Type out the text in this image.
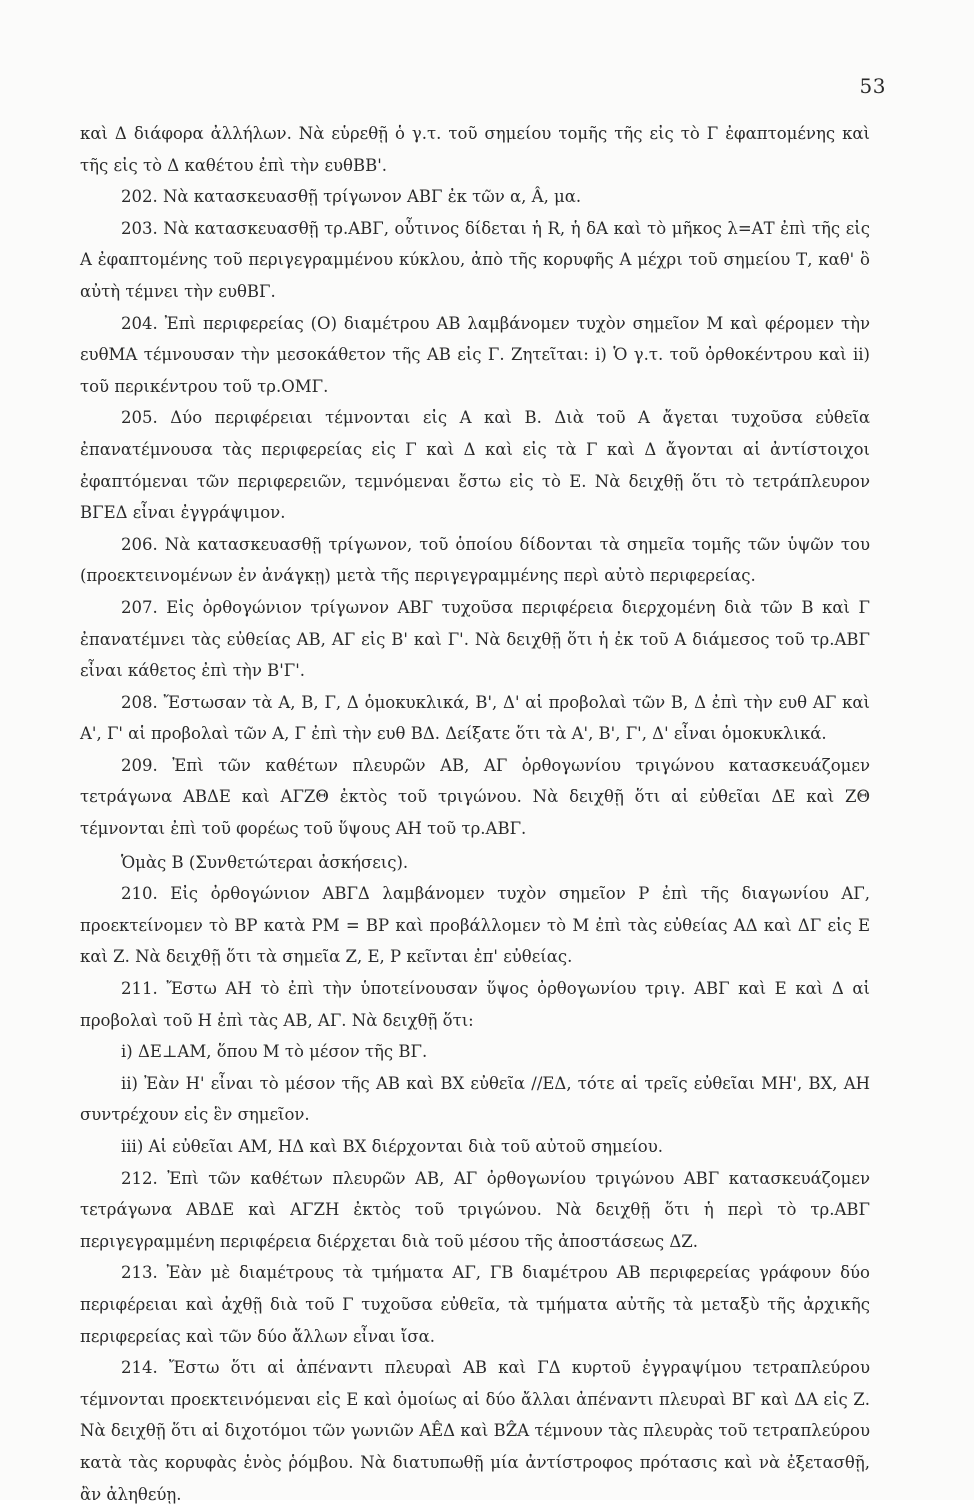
53

καὶ Δ διάφορα ἀλλήλων. Νὰ εὑρεθῇ ὁ γ.τ. τοῦ σημείου τομῆς τῆς εἰς τὸ Γ ἐφαπτομένης καὶ τῆς εἰς τὸ Δ καθέτου ἐπὶ τὴν ευθΒΒ'.

202. Νὰ κατασκευασθῇ τρίγωνον ΑΒΓ ἐκ τῶν α, Â, μα.

203. Νὰ κατασκευασθῇ τρ.ΑΒΓ, οὗτινος δίδεται ἡ R, ἡ δΑ καὶ τὸ μῆκος λ=ΑΤ ἐπὶ τῆς εἰς Α ἐφαπτομένης τοῦ περιγεγραμμένου κύκλου, ἀπὸ τῆς κορυφῆς Α μέχρι τοῦ σημείου Τ, καθ' ὃ αὐτὴ τέμνει τὴν ευθΒΓ.

204. Ἐπὶ περιφερείας (Ο) διαμέτρου ΑΒ λαμβάνομεν τυχὸν σημεῖον Μ καὶ φέρομεν τὴν ευθΜΑ τέμνουσαν τὴν μεσοκάθετον τῆς ΑΒ εἰς Γ. Ζητεῖται: i) Ὁ γ.τ. τοῦ ὀρθοκέντρου καὶ ii) τοῦ περικέντρου τοῦ τρ.ΟΜΓ.

205. Δύο περιφέρειαι τέμνονται εἰς Α καὶ Β. Διὰ τοῦ Α ἄγεται τυχοῦσα εὐθεῖα ἐπανατέμνουσα τὰς περιφερείας εἰς Γ καὶ Δ καὶ εἰς τὰ Γ καὶ Δ ἄγονται αἱ ἀντίστοιχοι ἐφαπτόμεναι τῶν περιφερειῶν, τεμνόμεναι ἔστω εἰς τὸ Ε. Νὰ δειχθῇ ὅτι τὸ τετράπλευρον ΒΓΕΔ εἶναι ἐγγράψιμον.

206. Νὰ κατασκευασθῇ τρίγωνον, τοῦ ὁποίου δίδονται τὰ σημεῖα τομῆς τῶν ὑψῶν του (προεκτεινομένων ἐν ἀνάγκῃ) μετὰ τῆς περιγεγραμμένης περὶ αὐτὸ περιφερείας.

207. Εἰς ὀρθογώνιον τρίγωνον ΑΒΓ τυχοῦσα περιφέρεια διερχομένη διὰ τῶν Β καὶ Γ ἐπανατέμνει τὰς εὐθείας ΑΒ, ΑΓ εἰς Β' καὶ Γ'. Νὰ δειχθῇ ὅτι ἡ ἐκ τοῦ Α διάμεσος τοῦ τρ.ΑΒΓ εἶναι κάθετος ἐπὶ τὴν Β'Γ'.

208. Ἔστωσαν τὰ Α, Β, Γ, Δ ὁμοκυκλικά, Β', Δ' αἱ προβολαὶ τῶν Β, Δ ἐπὶ τὴν ευθ ΑΓ καὶ Α', Γ' αἱ προβολαὶ τῶν Α, Γ ἐπὶ τὴν ευθ ΒΔ. Δείξατε ὅτι τὰ Α', Β', Γ', Δ' εἶναι ὁμοκυκλικά.

209. Ἐπὶ τῶν καθέτων πλευρῶν ΑΒ, ΑΓ ὀρθογωνίου τριγώνου κατασκευάζομεν τετράγωνα ΑΒΔΕ καὶ ΑΓΖΘ ἐκτὸς τοῦ τριγώνου. Νὰ δειχθῇ ὅτι αἱ εὐθεῖαι ΔΕ καὶ ΖΘ τέμνονται ἐπὶ τοῦ φορέως τοῦ ὕψους ΑΗ τοῦ τρ.ΑΒΓ.

Ὁμὰς Β (Συνθετώτεραι ἀσκήσεις).

210. Εἰς ὀρθογώνιον ΑΒΓΔ λαμβάνομεν τυχὸν σημεῖον Ρ ἐπὶ τῆς διαγωνίου ΑΓ, προεκτείνομεν τὸ ΒΡ κατὰ ΡΜ = ΒΡ καὶ προβάλλομεν τὸ Μ ἐπὶ τὰς εὐθείας ΑΔ καὶ ΔΓ εἰς Ε καὶ Ζ. Νὰ δειχθῇ ὅτι τὰ σημεῖα Ζ, Ε, Ρ κεῖνται ἐπ' εὐθείας.

211. Ἔστω ΑΗ τὸ ἐπὶ τὴν ὑποτείνουσαν ὕψος ὀρθογωνίου τριγ. ΑΒΓ καὶ Ε καὶ Δ αἱ προβολαὶ τοῦ Η ἐπὶ τὰς ΑΒ, ΑΓ. Νὰ δειχθῇ ὅτι:

i) ΔΕ⊥ΑΜ, ὅπου Μ τὸ μέσον τῆς ΒΓ.

ii) Ἐὰν Η' εἶναι τὸ μέσον τῆς ΑΒ καὶ ΒΧ εὐθεῖα //ΕΔ, τότε αἱ τρεῖς εὐθεῖαι ΜΗ', ΒΧ, ΑΗ συντρέχουν εἰς ἓν σημεῖον.

iii) Αἱ εὐθεῖαι ΑΜ, ΗΔ καὶ ΒΧ διέρχονται διὰ τοῦ αὐτοῦ σημείου.

212. Ἐπὶ τῶν καθέτων πλευρῶν ΑΒ, ΑΓ ὀρθογωνίου τριγώνου ΑΒΓ κατασκευάζομεν τετράγωνα ΑΒΔΕ καὶ ΑΓΖΗ ἐκτὸς τοῦ τριγώνου. Νὰ δειχθῇ ὅτι ἡ περὶ τὸ τρ.ΑΒΓ περιγεγραμμένη περιφέρεια διέρχεται διὰ τοῦ μέσου τῆς ἀποστάσεως ΔΖ.

213. Ἐὰν μὲ διαμέτρους τὰ τμήματα ΑΓ, ΓΒ διαμέτρου ΑΒ περιφερείας γράφουν δύο περιφέρειαι καὶ ἀχθῇ διὰ τοῦ Γ τυχοῦσα εὐθεῖα, τὰ τμήματα αὐτῆς τὰ μεταξὺ τῆς ἀρχικῆς περιφερείας καὶ τῶν δύο ἄλλων εἶναι ἴσα.

214. Ἔστω ὅτι αἱ ἀπέναντι πλευραὶ ΑΒ καὶ ΓΔ κυρτοῦ ἐγγραψίμου τετραπλεύρου τέμνονται προεκτεινόμεναι εἰς Ε καὶ ὁμοίως αἱ δύο ἄλλαι ἀπέναντι πλευραὶ ΒΓ καὶ ΔΑ εἰς Ζ. Νὰ δειχθῇ ὅτι αἱ διχοτόμοι τῶν γωνιῶν ΑÊΔ καὶ ΒẐΑ τέμνουν τὰς πλευρὰς τοῦ τετραπλεύρου κατὰ τὰς κορυφὰς ἑνὸς ῥόμβου. Νὰ διατυπωθῇ μία ἀντίστροφος πρότασις καὶ νὰ ἐξετασθῇ, ἂν ἀληθεύῃ.
